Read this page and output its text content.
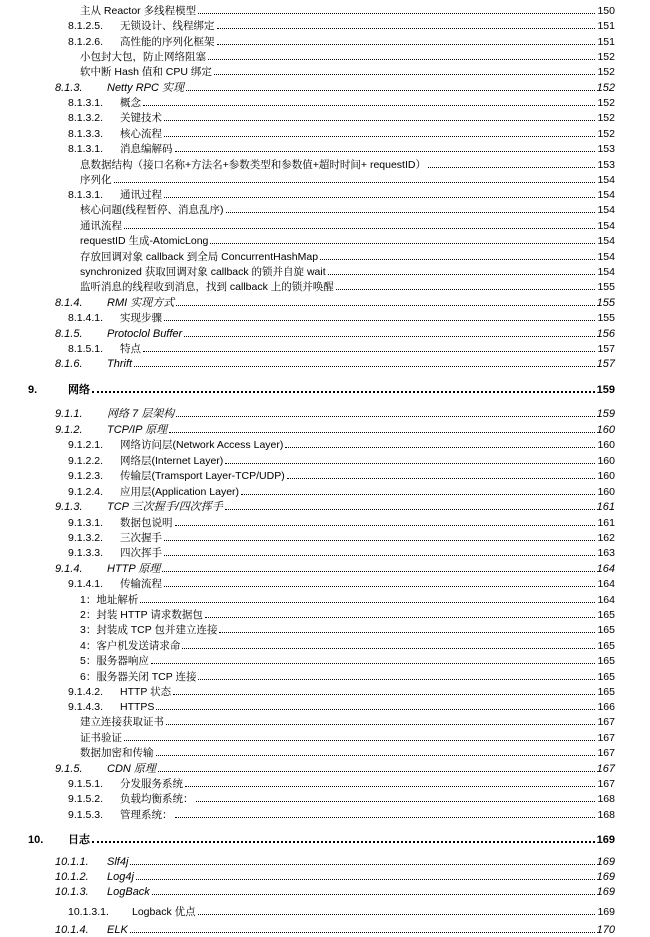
主从 Reactor 多线程模型	150
8.1.2.5.	无锁设计、线程绑定	151
8.1.2.6.	高性能的序列化框架	151
小包封大包，防止网络阻塞	152
软中断 Hash 值和 CPU 绑定	152
8.1.3.	Netty RPC 实现	152
8.1.3.1.	概念	152
8.1.3.2.	关键技术	152
8.1.3.3.	核心流程	152
8.1.3.1.	消息编解码	153
息数据结构（接口名称+方法名+参数类型和参数值+超时时间+ requestID）	153
序列化	154
8.1.3.1.	通讯过程	154
核心问题(线程暂停、消息乱序)	154
通讯流程	154
requestID 生成-AtomicLong	154
存放回调对象 callback 到全局 ConcurrentHashMap	154
synchronized 获取回调对象 callback 的锁并自旋 wait	154
监听消息的线程收到消息，找到 callback 上的锁并唤醒	155
8.1.4.	RMI 实现方式	155
8.1.4.1.	实现步骤	155
8.1.5.	Protoclol Buffer	156
8.1.5.1.	特点	157
8.1.6.	Thrift	157
9.	网络	159
9.1.1.	网络 7 层架构	159
9.1.2.	TCP/IP 原理	160
9.1.2.1.	网络访问层(Network Access Layer)	160
9.1.2.2.	网络层(Internet Layer)	160
9.1.2.3.	传输层(Tramsport Layer-TCP/UDP)	160
9.1.2.4.	应用层(Application Layer)	160
9.1.3.	TCP 三次握手/四次挥手	161
9.1.3.1.	数据包说明	161
9.1.3.2.	三次握手	162
9.1.3.3.	四次挥手	163
9.1.4.	HTTP 原理	164
9.1.4.1.	传输流程	164
1：地址解析	164
2：封装 HTTP 请求数据包	165
3：封装成 TCP 包并建立连接	165
4：客户机发送请求命	165
5：服务器响应	165
6：服务器关闭 TCP 连接	165
9.1.4.2.	HTTP 状态	165
9.1.4.3.	HTTPS	166
建立连接获取证书	167
证书验证	167
数据加密和传输	167
9.1.5.	CDN 原理	167
9.1.5.1.	分发服务系统	167
9.1.5.2.	负载均衡系统：	168
9.1.5.3.	管理系统：	168
10.	日志	169
10.1.1.	Slf4j	169
10.1.2.	Log4j	169
10.1.3.	LogBack	169
10.1.3.1.	Logback 优点	169
10.1.4.	ELK	170
